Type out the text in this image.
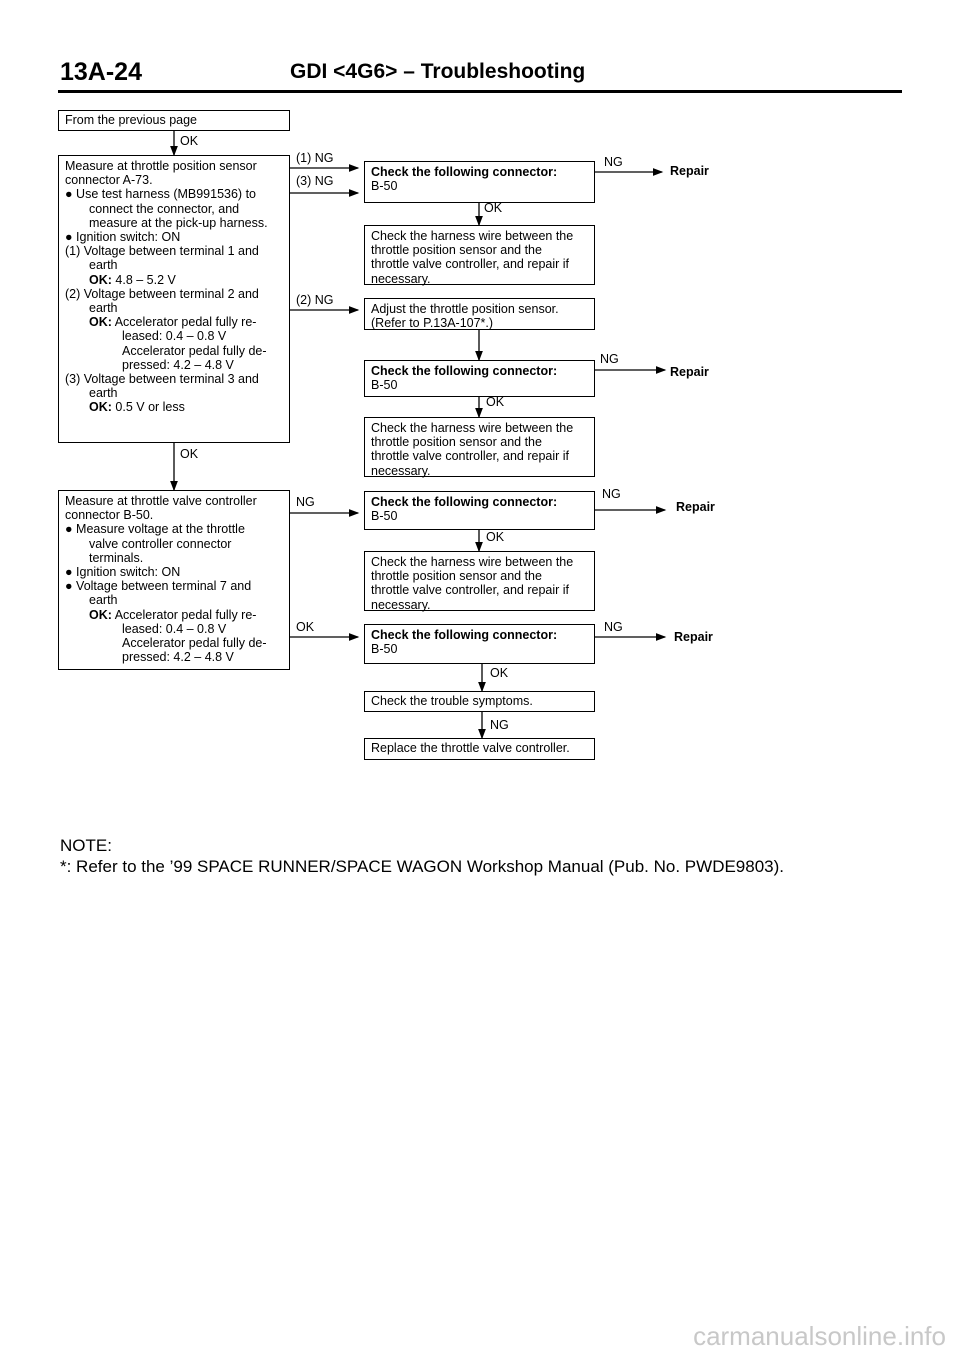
13A-24	GDI <4G6> – Troubleshooting
From the previous page
OK
Measure at throttle position sensor
connector A-73.
● Use test harness (MB991536) to
connect the connector, and
measure at the pick-up harness.
● Ignition switch: ON
(1) Voltage between terminal 1 and
earth
OK: 4.8 – 5.2 V
(2) Voltage between terminal 2 and
earth
OK: Accelerator pedal fully re-
leased: 0.4 – 0.8 V
Accelerator pedal fully de-
pressed: 4.2 – 4.8 V
(3) Voltage between terminal 3 and
earth
OK: 0.5 V or less
(1) NG
(3) NG
(2) NG
Check the following connector:
B-50
NG
Repair
OK
Check the harness wire between the
throttle position sensor and the
throttle valve controller, and repair if
necessary.
Adjust the throttle position sensor.
(Refer to P.13A-107*.)
Check the following connector:
B-50
NG
Repair
OK
Check the harness wire between the
throttle position sensor and the
throttle valve controller, and repair if
necessary.
OK
Measure at throttle valve controller
connector B-50.
● Measure voltage at the throttle
valve controller connector
terminals.
● Ignition switch: ON
● Voltage between terminal 7 and
earth
OK: Accelerator pedal fully re-
leased: 0.4 – 0.8 V
Accelerator pedal fully de-
pressed: 4.2 – 4.8 V
NG
OK
Check the following connector:
B-50
NG
Repair
OK
Check the harness wire between the
throttle position sensor and the
throttle valve controller, and repair if
necessary.
Check the following connector:
B-50
NG
Repair
OK
Check the trouble symptoms.
NG
Replace the throttle valve controller.
NOTE:
*: Refer to the ’99 SPACE RUNNER/SPACE WAGON Workshop Manual (Pub. No. PWDE9803).
carmanualsonline.info
